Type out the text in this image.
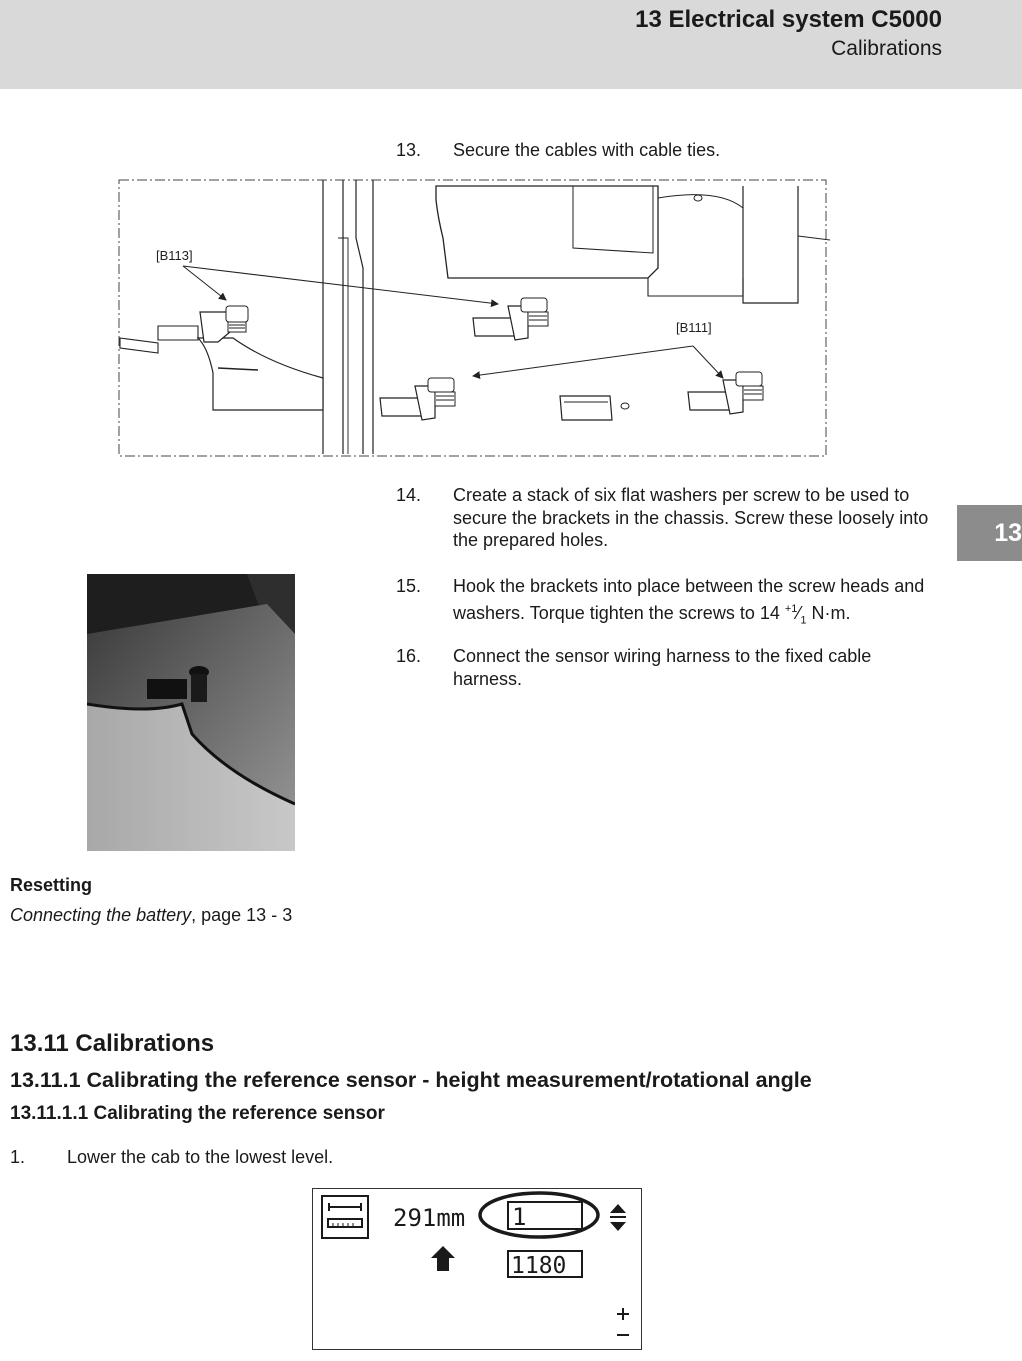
13 Electrical system C5000
Calibrations
13
13. Secure the cables with cable ties.
[B113]
[B111]
14. Create a stack of six flat washers per screw to be used to secure the brackets in the chassis. Screw these loosely into the prepared holes.
15. Hook the brackets into place between the screw heads and washers. Torque tighten the screws to 14 $^{+1}⁄_1$ N·m.
16. Connect the sensor wiring harness to the fixed cable harness.
Resetting
Connecting the battery, page 13 - 3
13.11 Calibrations
13.11.1 Calibrating the reference sensor - height measurement/rotational angle
13.11.1.1 Calibrating the reference sensor
1. Lower the cab to the lowest level.
291mm 1
1180
